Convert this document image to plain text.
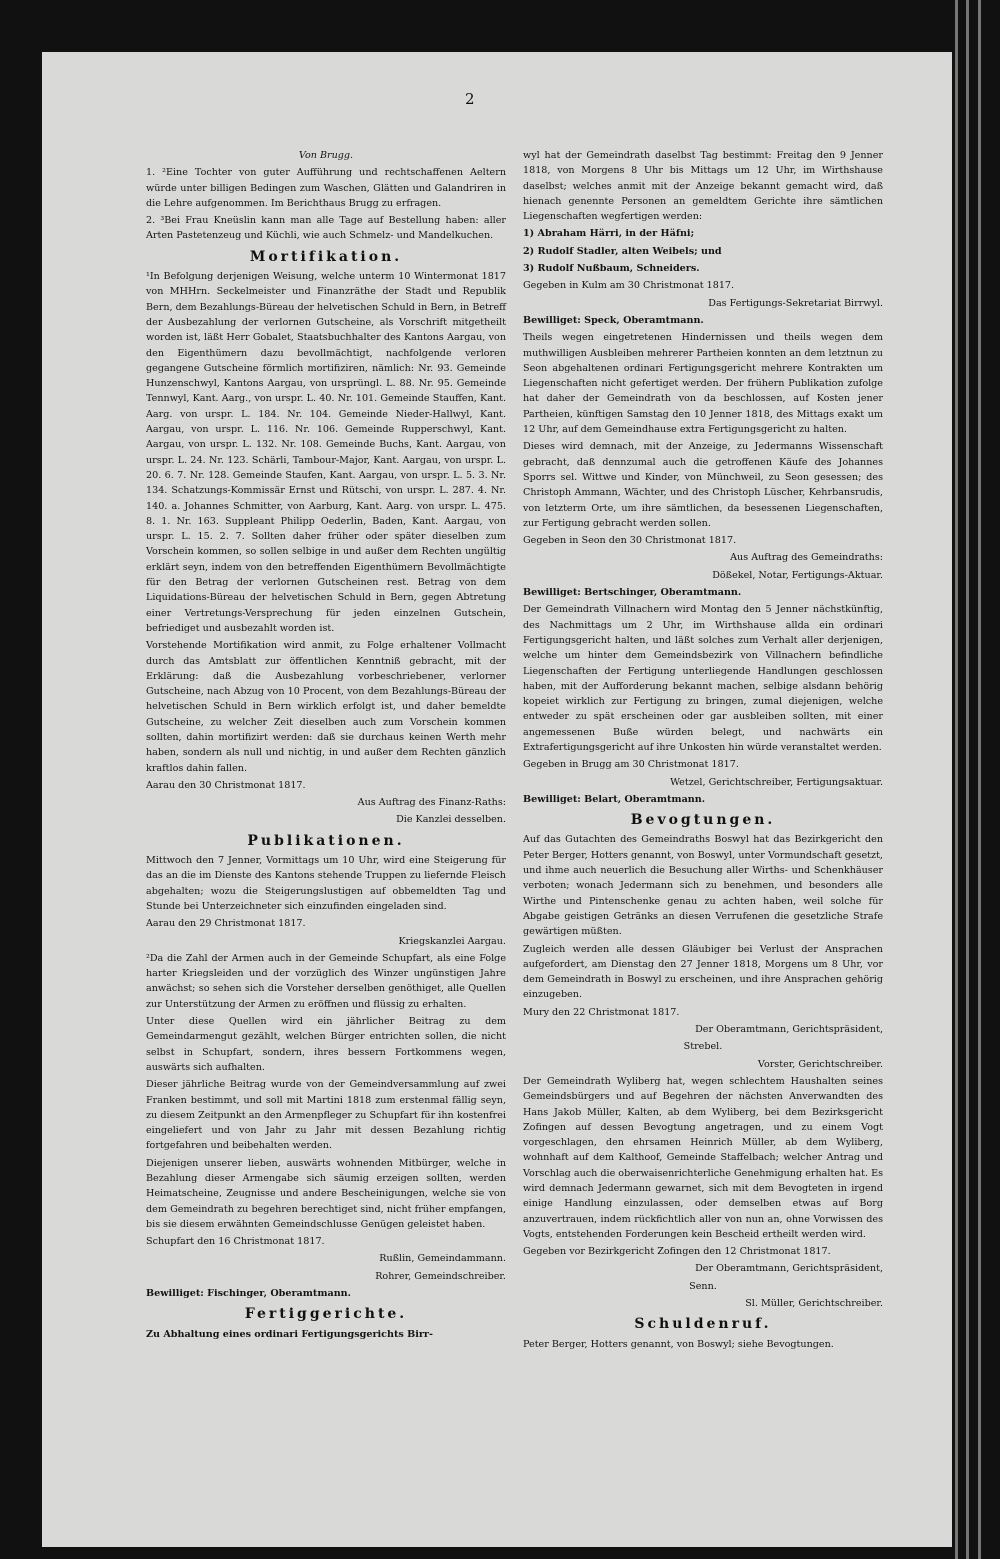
2

Von Brugg.

1. ²Eine Tochter von guter Aufführung und rechtschaffenen Aeltern würde unter billigen Bedingen zum Waschen, Glätten und Galandriren in die Lehre aufgenommen. Im Berichthaus Brugg zu erfragen.

2. ³Bei Frau Kneüslin kann man alle Tage auf Bestellung haben: aller Arten Pastetenzeug und Küchli, wie auch Schmelz- und Mandelkuchen.

Mortifikation.

¹In Befolgung derjenigen Weisung, welche unterm 10 Wintermonat 1817 von MHHrn. Seckelmeister und Finanzräthe der Stadt und Republik Bern, dem Bezahlungs-Büreau der helvetischen Schuld in Bern, in Betreff der Ausbezahlung der verlornen Gutscheine, als Vorschrift mitgetheilt worden ist, läßt Herr Gobalet, Staatsbuchhalter des Kantons Aargau, von den Eigenthümern dazu bevollmächtigt, nachfolgende verloren gegangene Gutscheine förmlich mortifiziren, nämlich: Nr. 93. Gemeinde Hunzenschwyl, Kantons Aargau, von ursprüngl. L. 88. Nr. 95. Gemeinde Tennwyl, Kant. Aarg., von urspr. L. 40. Nr. 101. Gemeinde Stauffen, Kant. Aarg. von urspr. L. 184. Nr. 104. Gemeinde Nieder-Hallwyl, Kant. Aargau, von urspr. L. 116. Nr. 106. Gemeinde Rupperschwyl, Kant. Aargau, von urspr. L. 132. Nr. 108. Gemeinde Buchs, Kant. Aargau, von urspr. L. 24. Nr. 123. Schärli, Tambour-Major, Kant. Aargau, von urspr. L. 20. 6. 7. Nr. 128. Gemeinde Staufen, Kant. Aargau, von urspr. L. 5. 3. Nr. 134. Schatzungs-Kommissär Ernst und Rütschi, von urspr. L. 287. 4. Nr. 140. a. Johannes Schmitter, von Aarburg, Kant. Aarg. von urspr. L. 475. 8. 1. Nr. 163. Suppleant Philipp Oederlin, Baden, Kant. Aargau, von urspr. L. 15. 2. 7. Sollten daher früher oder später dieselben zum Vorschein kommen, so sollen selbige in und außer dem Rechten ungültig erklärt seyn, indem von den betreffenden Eigenthümern Bevollmächtigte für den Betrag der verlornen Gutscheinen rest. Betrag von dem Liquidations-Büreau der helvetischen Schuld in Bern, gegen Abtretung einer Vertretungs-Versprechung für jeden einzelnen Gutschein, befriediget und ausbezahlt worden ist.

Vorstehende Mortifikation wird anmit, zu Folge erhaltener Vollmacht durch das Amtsblatt zur öffentlichen Kenntniß gebracht, mit der Erklärung: daß die Ausbezahlung vorbeschriebener, verlorner Gutscheine, nach Abzug von 10 Procent, von dem Bezahlungs-Büreau der helvetischen Schuld in Bern wirklich erfolgt ist, und daher bemeldte Gutscheine, zu welcher Zeit dieselben auch zum Vorschein kommen sollten, dahin mortifizirt werden: daß sie durchaus keinen Werth mehr haben, sondern als null und nichtig, in und außer dem Rechten gänzlich kraftlos dahin fallen.

Aarau den 30 Christmonat 1817.

Aus Auftrag des Finanz-Raths:

Die Kanzlei desselben.

Publikationen.

Mittwoch den 7 Jenner, Vormittags um 10 Uhr, wird eine Steigerung für das an die im Dienste des Kantons stehende Truppen zu liefernde Fleisch abgehalten; wozu die Steigerungslustigen auf obbemeldten Tag und Stunde bei Unterzeichneter sich einzufinden eingeladen sind.

Aarau den 29 Christmonat 1817.

Kriegskanzlei Aargau.

²Da die Zahl der Armen auch in der Gemeinde Schupfart, als eine Folge harter Kriegsleiden und der vorzüglich des Winzer ungünstigen Jahre anwächst; so sehen sich die Vorsteher derselben genöthiget, alle Quellen zur Unterstützung der Armen zu eröffnen und flüssig zu erhalten.

Unter diese Quellen wird ein jährlicher Beitrag zu dem Gemeindarmengut gezählt, welchen Bürger entrichten sollen, die nicht selbst in Schupfart, sondern, ihres bessern Fortkommens wegen, auswärts sich aufhalten.

Dieser jährliche Beitrag wurde von der Gemeindversammlung auf zwei Franken bestimmt, und soll mit Martini 1818 zum erstenmal fällig seyn, zu diesem Zeitpunkt an den Armenpfleger zu Schupfart für ihn kostenfrei eingeliefert und von Jahr zu Jahr mit dessen Bezahlung richtig fortgefahren und beibehalten werden.

Diejenigen unserer lieben, auswärts wohnenden Mitbürger, welche in Bezahlung dieser Armengabe sich säumig erzeigen sollten, werden Heimatscheine, Zeugnisse und andere Bescheinigungen, welche sie von dem Gemeindrath zu begehren berechtiget sind, nicht früher empfangen, bis sie diesem erwähnten Gemeindschlusse Genügen geleistet haben.

Schupfart den 16 Christmonat 1817.

Rußlin, Gemeindammann.

Rohrer, Gemeindschreiber.

Bewilliget: Fischinger, Oberamtmann.

Fertiggerichte.

Zu Abhaltung eines ordinari Fertigungsgerichts Birr-

wyl hat der Gemeindrath daselbst Tag bestimmt: Freitag den 9 Jenner 1818, von Morgens 8 Uhr bis Mittags um 12 Uhr, im Wirthshause daselbst; welches anmit mit der Anzeige bekannt gemacht wird, daß hienach genennte Personen an gemeldtem Gerichte ihre sämtlichen Liegenschaften wegfertigen werden:

1) Abraham Härri, in der Häfni;

2) Rudolf Stadler, alten Weibels; und

3) Rudolf Nußbaum, Schneiders.

Gegeben in Kulm am 30 Christmonat 1817.

Das Fertigungs-Sekretariat Birrwyl.

Bewilliget: Speck, Oberamtmann.

Theils wegen eingetretenen Hindernissen und theils wegen dem muthwilligen Ausbleiben mehrerer Partheien konnten an dem letztnun zu Seon abgehaltenen ordinari Fertigungsgericht mehrere Kontrakten um Liegenschaften nicht gefertiget werden. Der frühern Publikation zufolge hat daher der Gemeindrath von da beschlossen, auf Kosten jener Partheien, künftigen Samstag den 10 Jenner 1818, des Mittags exakt um 12 Uhr, auf dem Gemeindhause extra Fertigungsgericht zu halten.

Dieses wird demnach, mit der Anzeige, zu Jedermanns Wissenschaft gebracht, daß dennzumal auch die getroffenen Käufe des Johannes Sporrs sel. Wittwe und Kinder, von Münchweil, zu Seon gesessen; des Christoph Ammann, Wächter, und des Christoph Lüscher, Kehrbansrudis, von letzterm Orte, um ihre sämtlichen, da besessenen Liegenschaften, zur Fertigung gebracht werden sollen.

Gegeben in Seon den 30 Christmonat 1817.

Aus Auftrag des Gemeindraths:

Dößekel, Notar, Fertigungs-Aktuar.

Bewilliget: Bertschinger, Oberamtmann.

Der Gemeindrath Villnachern wird Montag den 5 Jenner nächstkünftig, des Nachmittags um 2 Uhr, im Wirthshause allda ein ordinari Fertigungsgericht halten, und läßt solches zum Verhalt aller derjenigen, welche um hinter dem Gemeindsbezirk von Villnachern befindliche Liegenschaften der Fertigung unterliegende Handlungen geschlossen haben, mit der Aufforderung bekannt machen, selbige alsdann behörig kopeiet wirklich zur Fertigung zu bringen, zumal diejenigen, welche entweder zu spät erscheinen oder gar ausbleiben sollten, mit einer angemessenen Buße würden belegt, und nachwärts ein Extrafertigungsgericht auf ihre Unkosten hin würde veranstaltet werden.

Gegeben in Brugg am 30 Christmonat 1817.

Wetzel, Gerichtschreiber, Fertigungsaktuar.

Bewilliget: Belart, Oberamtmann.

Bevogtungen.

Auf das Gutachten des Gemeindraths Boswyl hat das Bezirkgericht den Peter Berger, Hotters genannt, von Boswyl, unter Vormundschaft gesetzt, und ihme auch neuerlich die Besuchung aller Wirths- und Schenkhäuser verboten; wonach Jedermann sich zu benehmen, und besonders alle Wirthe und Pintenschenke genau zu achten haben, weil solche für Abgabe geistigen Getränks an diesen Verrufenen die gesetzliche Strafe gewärtigen müßten.

Zugleich werden alle dessen Gläubiger bei Verlust der Ansprachen aufgefordert, am Dienstag den 27 Jenner 1818, Morgens um 8 Uhr, vor dem Gemeindrath in Boswyl zu erscheinen, und ihre Ansprachen gehörig einzugeben.

Mury den 22 Christmonat 1817.

Der Oberamtmann, Gerichtspräsident,

Strebel.

Vorster, Gerichtschreiber.

Der Gemeindrath Wyliberg hat, wegen schlechtem Haushalten seines Gemeindsbürgers und auf Begehren der nächsten Anverwandten des Hans Jakob Müller, Kalten, ab dem Wyliberg, bei dem Bezirksgericht Zofingen auf dessen Bevogtung angetragen, und zu einem Vogt vorgeschlagen, den ehrsamen Heinrich Müller, ab dem Wyliberg, wohnhaft auf dem Kalthoof, Gemeinde Staffelbach; welcher Antrag und Vorschlag auch die oberwaisenrichterliche Genehmigung erhalten hat. Es wird demnach Jedermann gewarnet, sich mit dem Bevogteten in irgend einige Handlung einzulassen, oder demselben etwas auf Borg anzuvertrauen, indem rückfichtlich aller von nun an, ohne Vorwissen des Vogts, entstehenden Forderungen kein Bescheid ertheilt werden wird.

Gegeben vor Bezirkgericht Zofingen den 12 Christmonat 1817.

Der Oberamtmann, Gerichtspräsident,

Senn.

Sl. Müller, Gerichtschreiber.

Schuldenruf.

Peter Berger, Hotters genannt, von Boswyl; siehe Bevogtungen.
